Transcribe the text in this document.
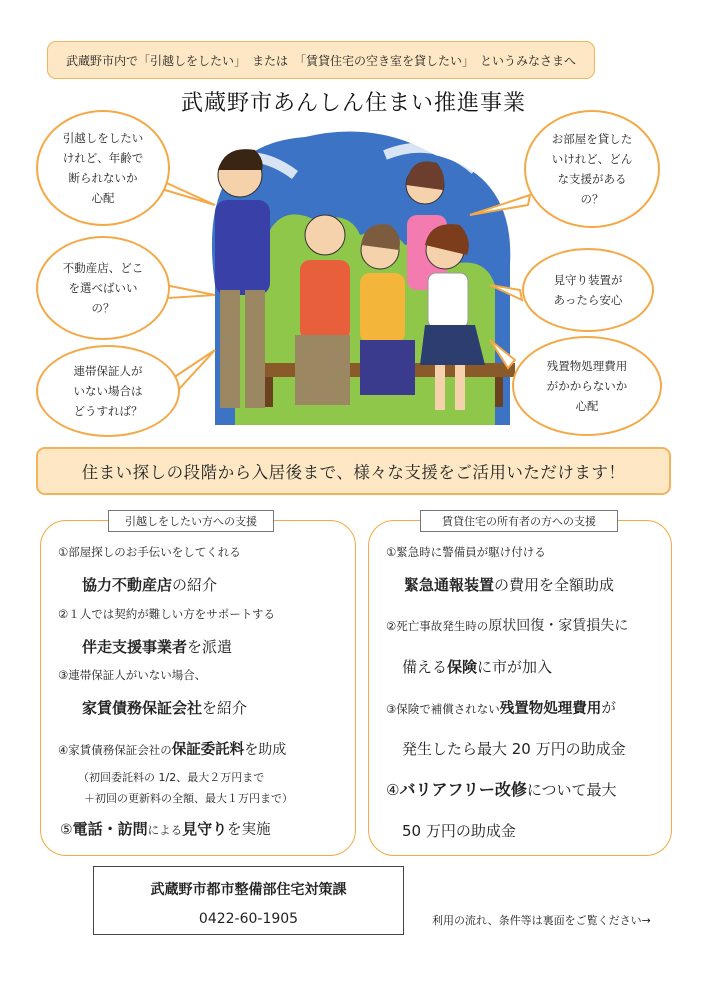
武蔵野市内で「引越しをしたい」　または　「賃貸住宅の空き室を貸したい」　というみなさまへ
武蔵野市あんしん住まい推進事業
引越しをしたい
けれど、年齢で
断られないか
心配
不動産店、どこ
を選べばいい
の？
連帯保証人が
いない場合は
どうすれば？
お部屋を貸した
いけれど、どん
な支援がある
の？
見守り装置が
あったら安心
残置物処理費用
がかからないか
心配
住まい探しの段階から入居後まで、様々な支援をご活用いただけます！
引越しをしたい方への支援
①部屋探しのお手伝いをしてくれる
協力不動産店の紹介
②１人では契約が難しい方をサポートする
伴走支援事業者を派遣
③連帯保証人がいない場合、
家賃債務保証会社を紹介
④家賃債務保証会社の保証委託料を助成
（初回委託料の 1/2、最大２万円まで
＋初回の更新料の全額、最大１万円まで）
⑤電話・訪問による見守りを実施
賃貸住宅の所有者の方への支援
①緊急時に警備員が駆け付ける
緊急通報装置の費用を全額助成
②死亡事故発生時の原状回復・家賃損失に
備える保険に市が加入
③保険で補償されない残置物処理費用が
発生したら最大 20 万円の助成金
④バリアフリー改修について最大
50 万円の助成金
武蔵野市都市整備部住宅対策課
0422-60-1905	利用の流れ、条件等は裏面をご覧ください→
